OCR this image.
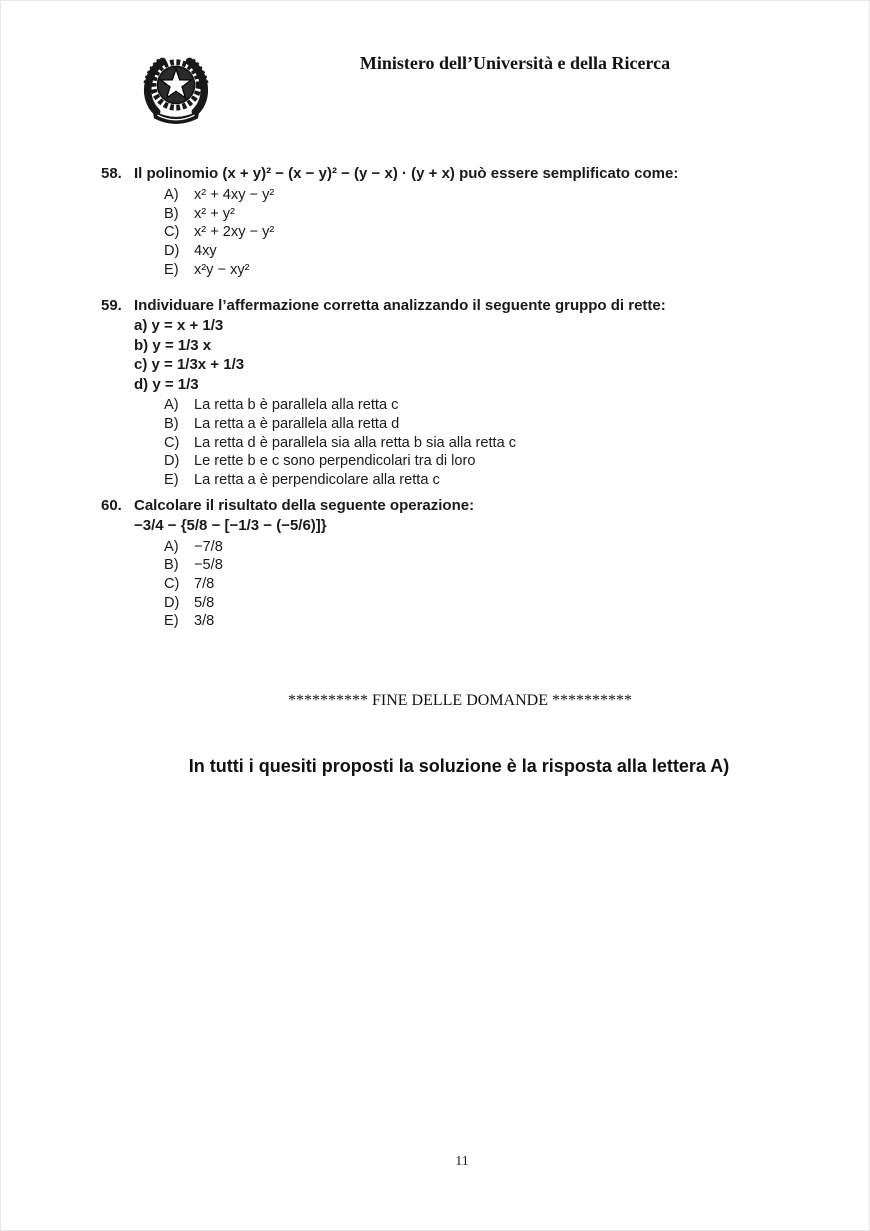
Ministero dell’Università e della Ricerca
58. Il polinomio (x + y)² − (x − y)² − (y − x) · (y + x) può essere semplificato come:
A)	x² + 4xy − y²
B)	x² + y²
C) x² + 2xy − y²
D) 4xy
E)	x²y − xy²
59. Individuare l’affermazione corretta analizzando il seguente gruppo di rette:
a) y = x + 1/3
b) y = 1/3 x
c) y = 1/3x + 1/3
d) y = 1/3
A)	La retta b è parallela alla retta c
B)	La retta a è parallela alla retta d
C) La retta d è parallela sia alla retta b sia alla retta c
D) Le rette b e c sono perpendicolari tra di loro
E)	La retta a è perpendicolare alla retta c
60. Calcolare il risultato della seguente operazione:
−3/4 − {5/8 − [−1/3 − (−5/6)]}
A)	−7/8
B)	−5/8
C) 7/8
D) 5/8
E)	3/8
********** FINE DELLE DOMANDE **********
In tutti i quesiti proposti la soluzione è la risposta alla lettera A)
11
